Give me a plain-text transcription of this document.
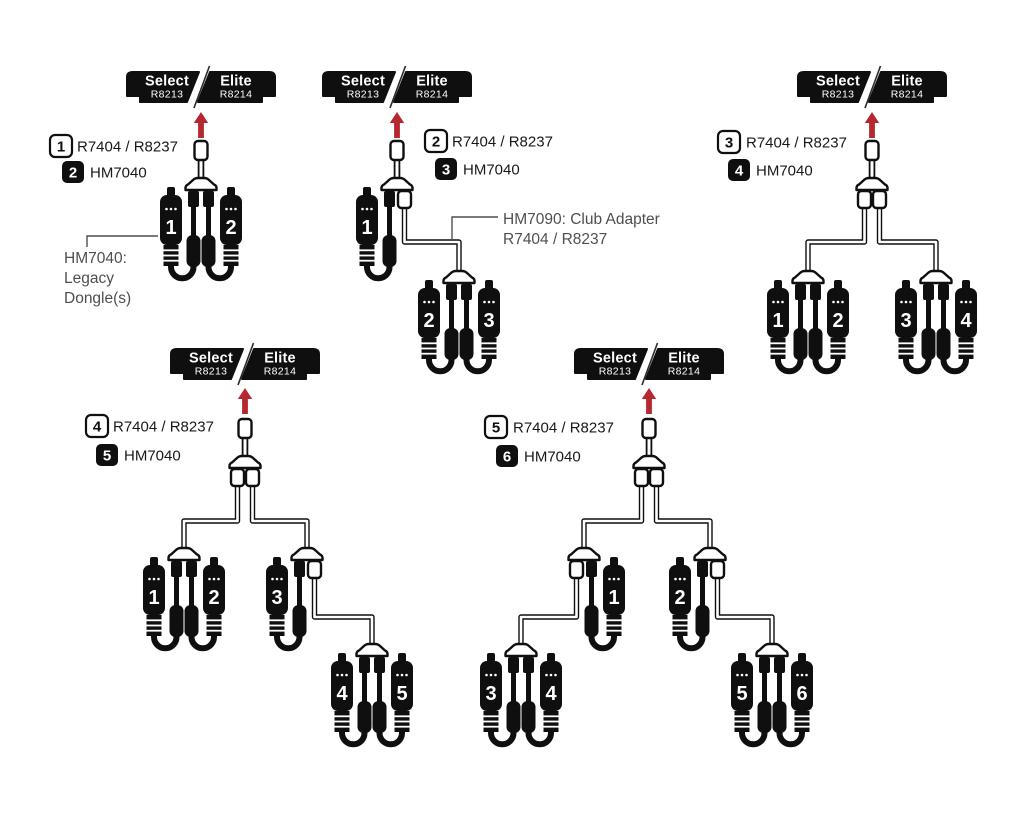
Select
R8213
Elite
R8214
1 2
1 R7404 / R8237
2 HM7040
HM7040:
Legacy
Dongle(s)
Select
R8213
Elite
R8214
1
2 3
2 R7404 / R8237
3 HM7040
HM7090: Club Adapter
R7404 / R8237
Select
R8213
Elite
R8214
1 2	3 4
3 R7404 / R8237
4 HM7040
Select
R8213
Elite
R8214
1 2	3
4 5
4 R7404 / R8237
5 HM7040
Select
R8213
Elite
R8214
1	2
3 4	5 6
5 R7404 / R8237
6 HM7040
